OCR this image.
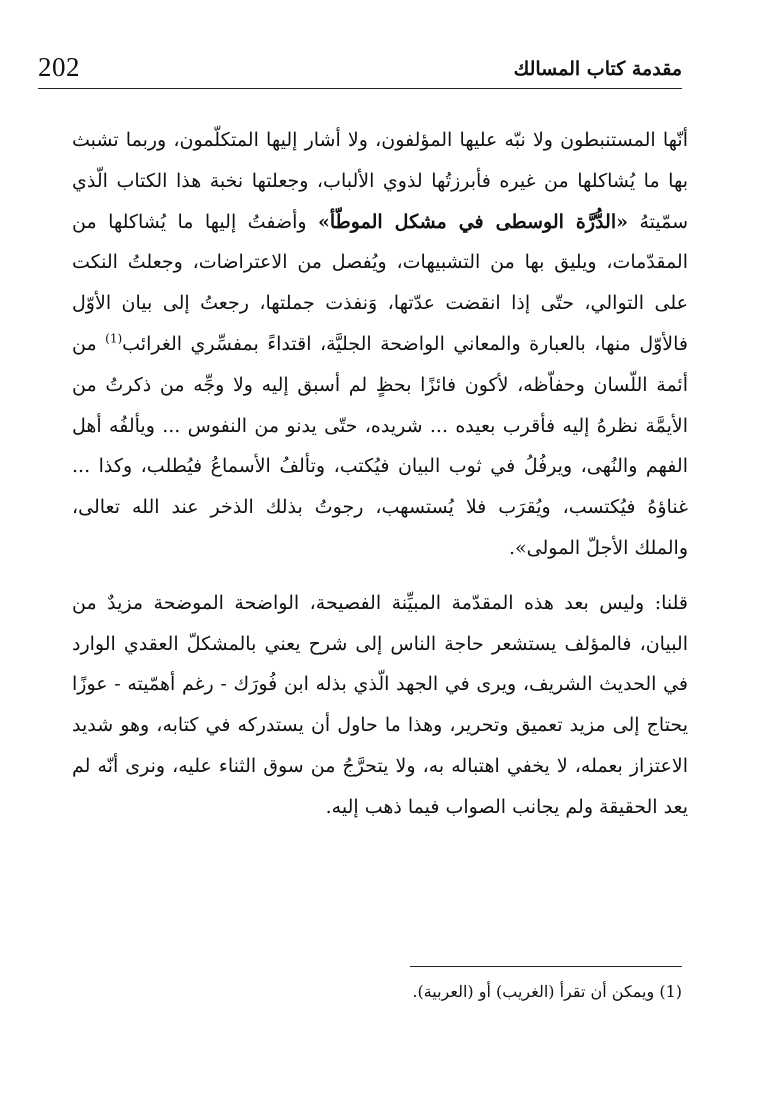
مقدمة كتاب المسالك
202

أنّها المستنبطون ولا نبّه عليها المؤلفون، ولا أشار إليها المتكلّمون، وربما تشبث بها ما يُشاكلها من غيره فأبرزتُها لذوي الألباب، وجعلتها نخبة هذا الكتاب الّذي سمّيتهُ «الدُّرَّة الوسطى في مشكل الموطّأ» وأضفتُ إليها ما يُشاكلها من المقدّمات، ويليق بها من التشبيهات، ويُفصل من الاعتراضات، وجعلتُ النكت على التوالي، حتّى إذا انقضت عدّتها، وَنفذت جملتها، رجعتُ إلى بيان الأوّل فالأوّل منها، بالعبارة والمعاني الواضحة الجليَّة، اقتداءً بمفسِّري الغرائب$^{(1)}$ من أئمة اللّسان وحفاّظه، لأكون فائزًا بحظٍ لم أسبق إليه ولا وجِّه من ذكرتُ من الأيمَّة نظرهُ إليه فأقرب بعيده ... شريده، حتّى يدنو من النفوس ... ويألفُه أهل الفهم والنُهى، ويرفُلُ في ثوب البيان فيُكتب، وتألفُ الأسماعُ فيُطلب، وكذا ... غناؤهُ فيُكتسب، ويُقرَب فلا يُستسهب، رجوتُ بذلك الذخر عند الله تعالى، والملك الأجلّ المولى».

قلنا: وليس بعد هذه المقدّمة المبيِّنة الفصيحة، الواضحة الموضحة مزيدٌ من البيان، فالمؤلف يستشعر حاجة الناس إلى شرح يعني بالمشكلّ العقدي الوارد في الحديث الشريف، ويرى في الجهد الّذي بذله ابن فُورَك - رغم أهمّيته - عوزًا يحتاج إلى مزيد تعميق وتحرير، وهذا ما حاول أن يستدركه في كتابه، وهو شديد الاعتزاز بعمله، لا يخفي اهتباله به، ولا يتحرَّجُ من سوق الثناء عليه، ونرى أنّه لم يعد الحقيقة ولم يجانب الصواب فيما ذهب إليه.

(1) ويمكن أن تقرأ (الغريب) أو (العربية).
